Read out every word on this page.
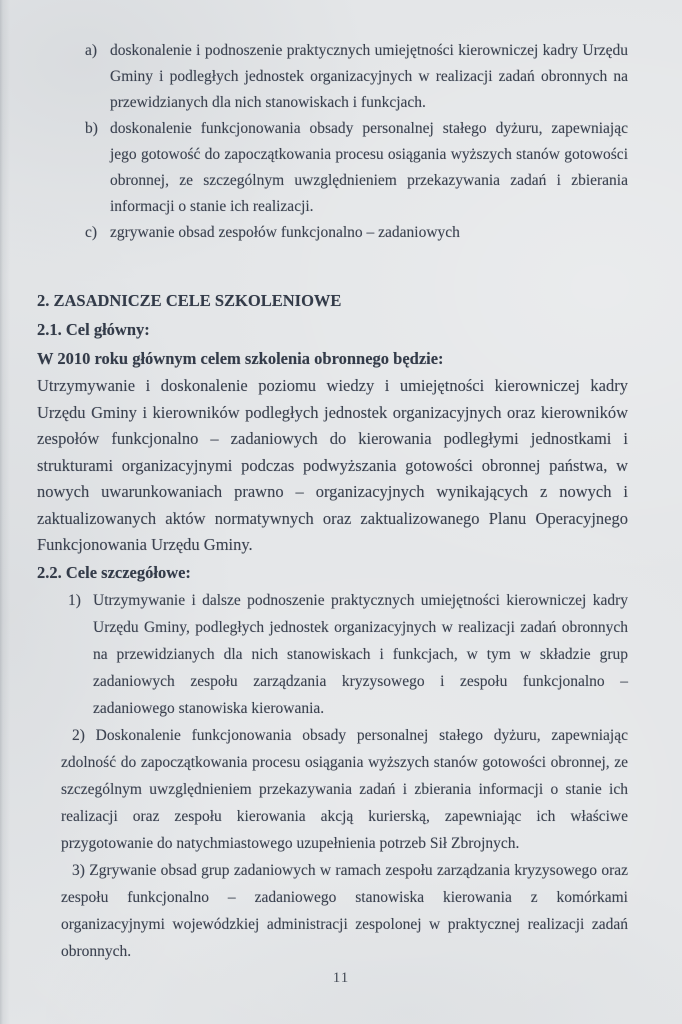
a) doskonalenie i podnoszenie praktycznych umiejętności kierowniczej kadry Urzędu Gminy i podległych jednostek organizacyjnych w realizacji zadań obronnych na przewidzianych dla nich stanowiskach i funkcjach.
b) doskonalenie funkcjonowania obsady personalnej stałego dyżuru, zapewniając jego gotowość do zapoczątkowania procesu osiągania wyższych stanów gotowości obronnej, ze szczególnym uwzględnieniem przekazywania zadań i zbierania informacji o stanie ich realizacji.
c) zgrywanie obsad zespołów funkcjonalno – zadaniowych
2. ZASADNICZE CELE SZKOLENIOWE
2.1. Cel główny:
W 2010 roku głównym celem szkolenia obronnego będzie:

Utrzymywanie i doskonalenie poziomu wiedzy i umiejętności kierowniczej kadry Urzędu Gminy i kierowników podległych jednostek organizacyjnych oraz kierowników zespołów funkcjonalno – zadaniowych do kierowania podległymi jednostkami i strukturami organizacyjnymi podczas podwyższania gotowości obronnej państwa, w nowych uwarunkowaniach prawno – organizacyjnych wynikających z nowych i zaktualizowanych aktów normatywnych oraz zaktualizowanego Planu Operacyjnego Funkcjonowania Urzędu Gminy.

2.2. Cele szczegółowe:
1) Utrzymywanie i dalsze podnoszenie praktycznych umiejętności kierowniczej kadry Urzędu Gminy, podległych jednostek organizacyjnych w realizacji zadań obronnych na przewidzianych dla nich stanowiskach i funkcjach, w tym w składzie grup zadaniowych zespołu zarządzania kryzysowego i zespołu funkcjonalno – zadaniowego stanowiska kierowania.

2) Doskonalenie funkcjonowania obsady personalnej stałego dyżuru, zapewniając zdolność do zapoczątkowania procesu osiągania wyższych stanów gotowości obronnej, ze szczególnym uwzględnieniem przekazywania zadań i zbierania informacji o stanie ich realizacji oraz zespołu kierowania akcją kurierską, zapewniając ich właściwe przygotowanie do natychmiastowego uzupełnienia potrzeb Sił Zbrojnych.

3) Zgrywanie obsad grup zadaniowych w ramach zespołu zarządzania kryzysowego oraz zespołu funkcjonalno – zadaniowego stanowiska kierowania z komórkami organizacyjnymi wojewódzkiej administracji zespolonej w praktycznej realizacji zadań obronnych.

11
